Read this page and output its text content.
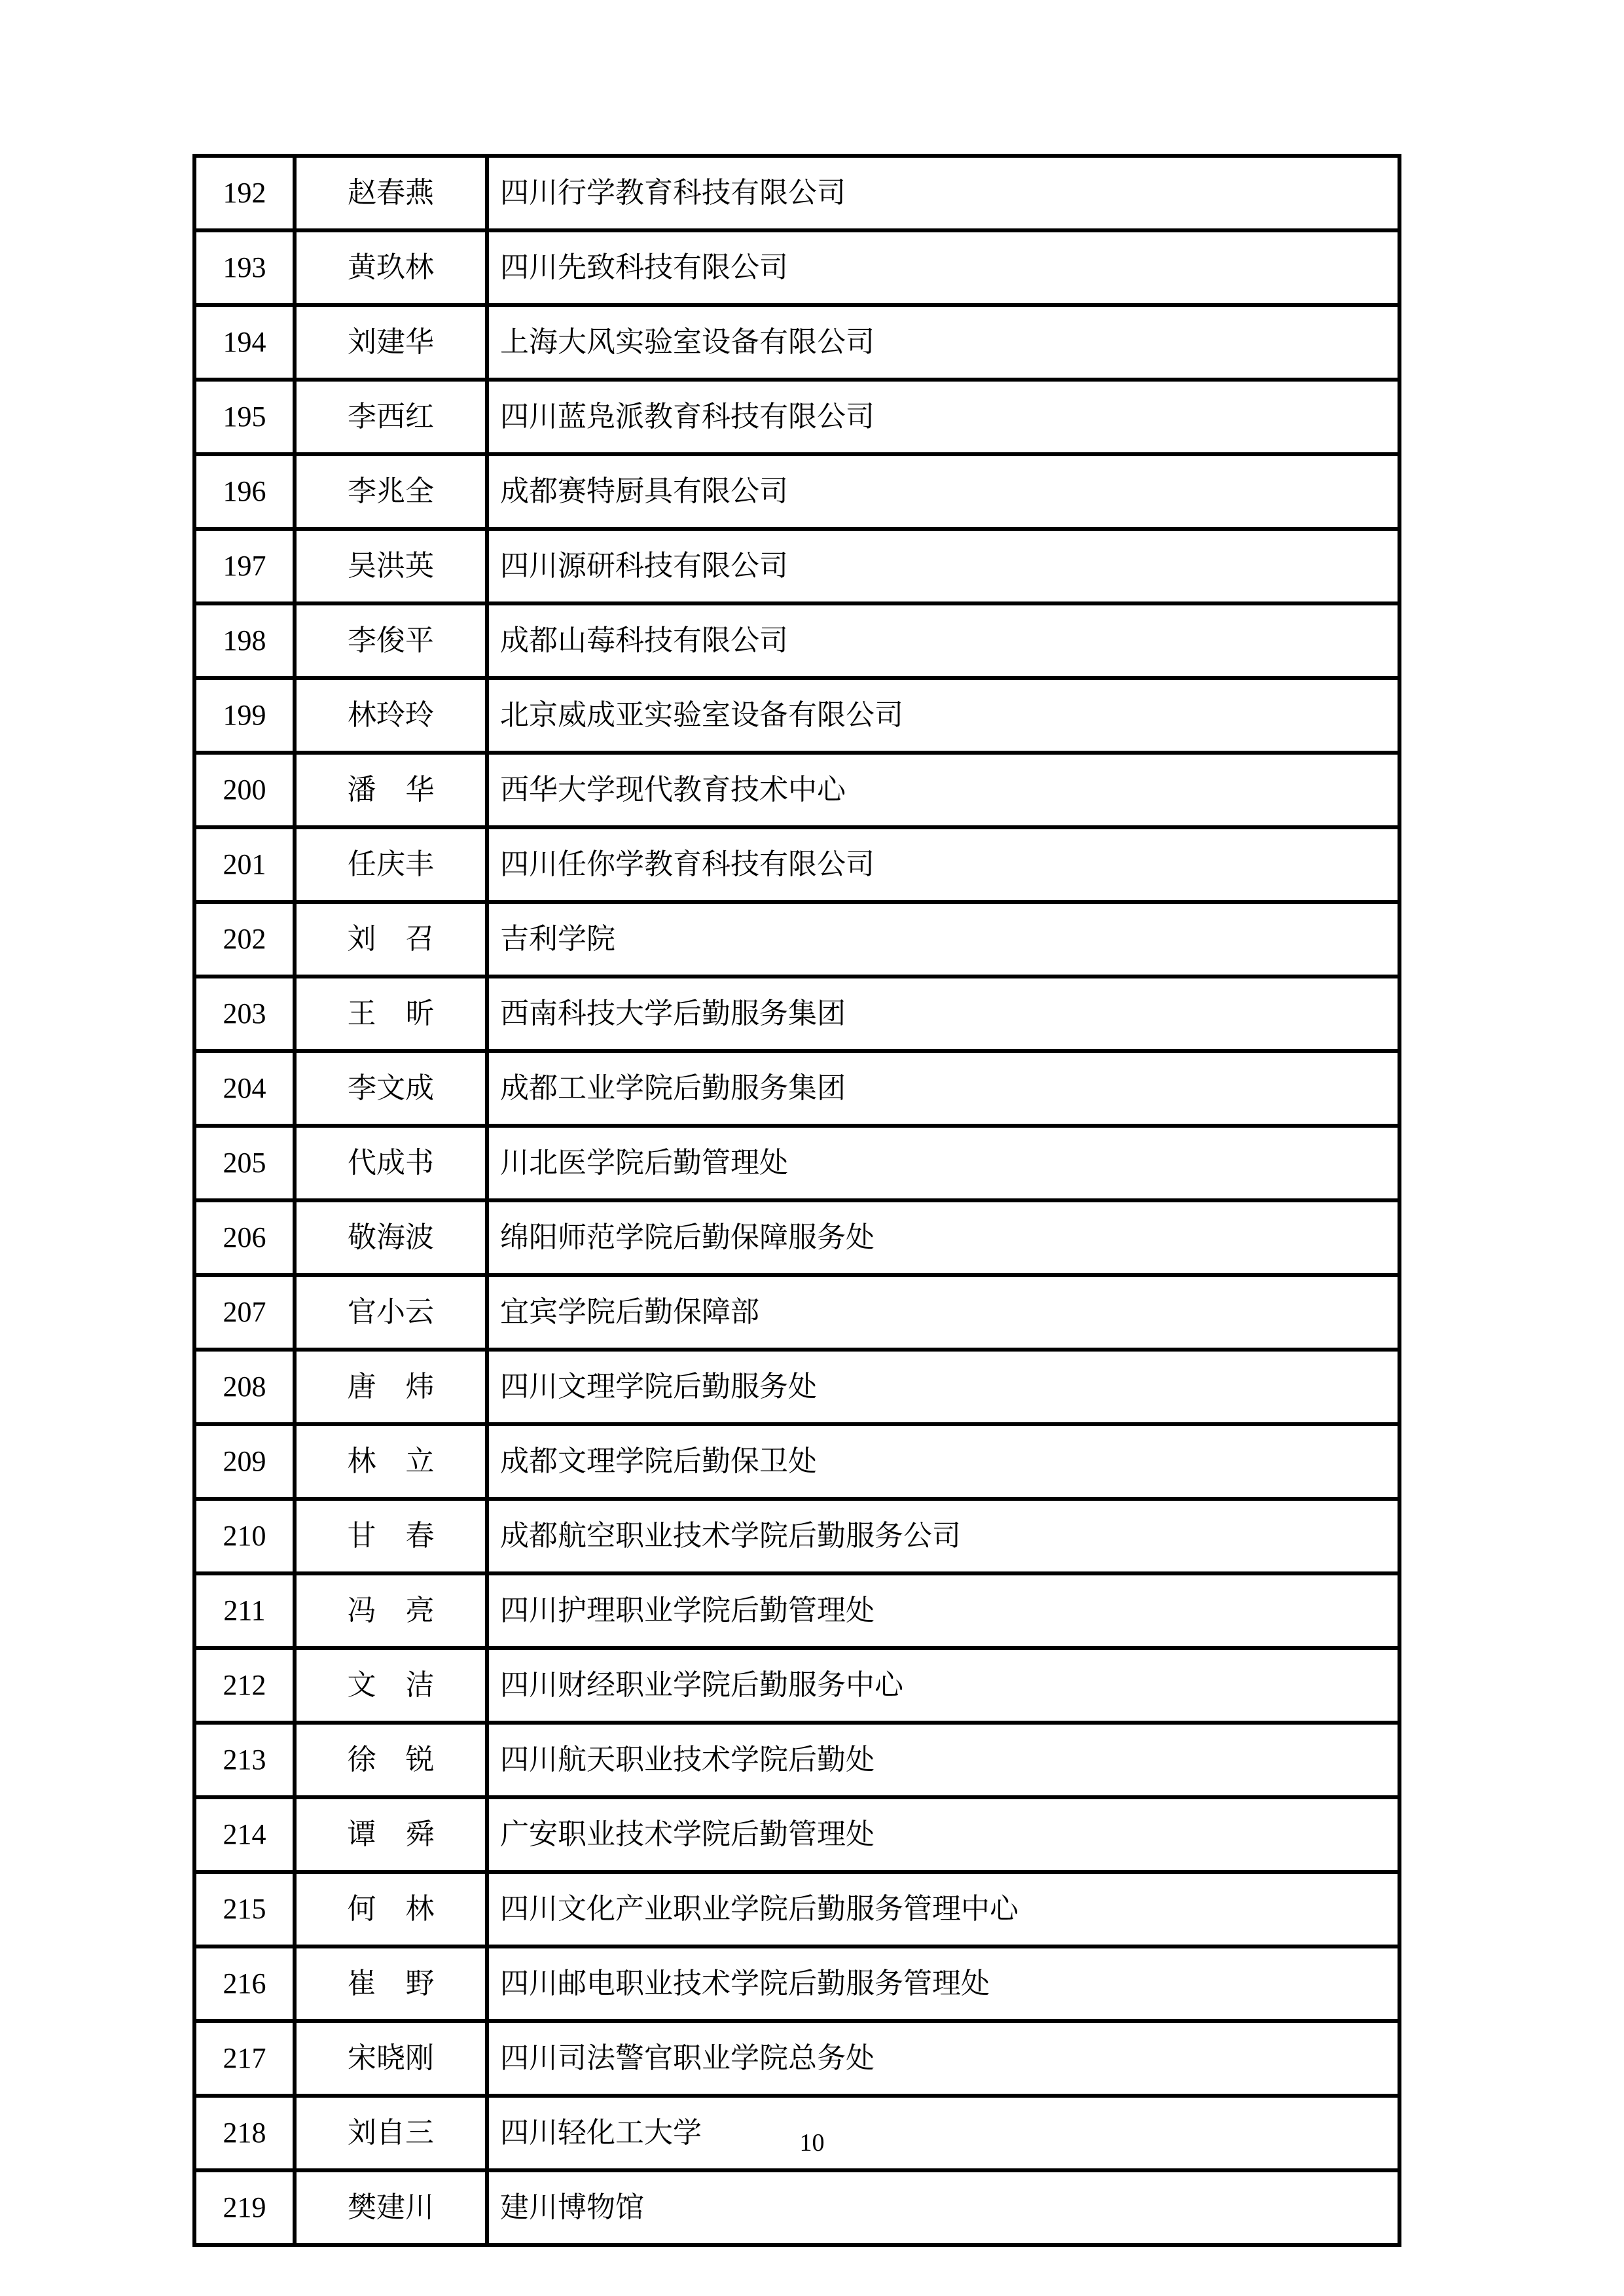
192	赵春燕	四川行学教育科技有限公司
193	黄玖林	四川先致科技有限公司
194	刘建华	上海大风实验室设备有限公司
195	李西红	四川蓝凫派教育科技有限公司
196	李兆全	成都赛特厨具有限公司
197	吴洪英	四川源研科技有限公司
198	李俊平	成都山莓科技有限公司
199	林玲玲	北京威成亚实验室设备有限公司
200	潘 华	西华大学现代教育技术中心
201	任庆丰	四川任你学教育科技有限公司
202	刘 召	吉利学院
203	王 昕	西南科技大学后勤服务集团
204	李文成	成都工业学院后勤服务集团
205	代成书	川北医学院后勤管理处
206	敬海波	绵阳师范学院后勤保障服务处
207	官小云	宜宾学院后勤保障部
208	唐 炜	四川文理学院后勤服务处
209	林 立	成都文理学院后勤保卫处
210	甘 春	成都航空职业技术学院后勤服务公司
211	冯 亮	四川护理职业学院后勤管理处
212	文 洁	四川财经职业学院后勤服务中心
213	徐 锐	四川航天职业技术学院后勤处
214	谭 舜	广安职业技术学院后勤管理处
215	何 林	四川文化产业职业学院后勤服务管理中心
216	崔 野	四川邮电职业技术学院后勤服务管理处
217	宋晓刚	四川司法警官职业学院总务处
218	刘自三	四川轻化工大学
219	樊建川	建川博物馆
10
